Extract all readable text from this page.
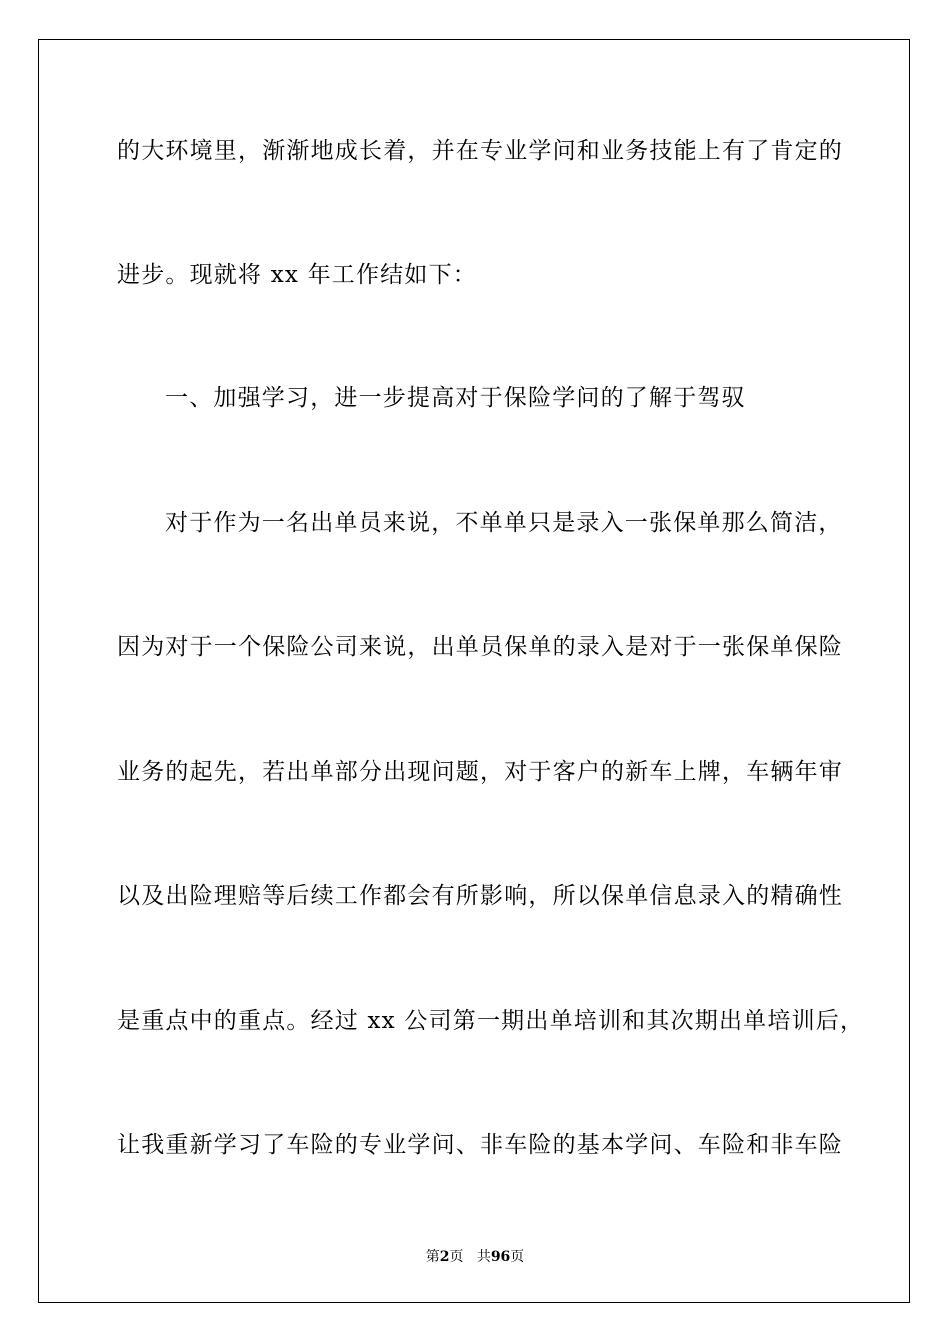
的大环境里，渐渐地成长着，并在专业学问和业务技能上有了肯定的
进步。现就将 xx 年工作结如下：
一、加强学习，进一步提高对于保险学问的了解于驾驭
对于作为一名出单员来说，不单单只是录入一张保单那么简洁，
因为对于一个保险公司来说，出单员保单的录入是对于一张保单保险
业务的起先，若出单部分出现问题，对于客户的新车上牌，车辆年审
以及出险理赔等后续工作都会有所影响，所以保单信息录入的精确性
是重点中的重点。经过 xx 公司第一期出单培训和其次期出单培训后，
让我重新学习了车险的专业学问、非车险的基本学问、车险和非车险
第2页 共96页
